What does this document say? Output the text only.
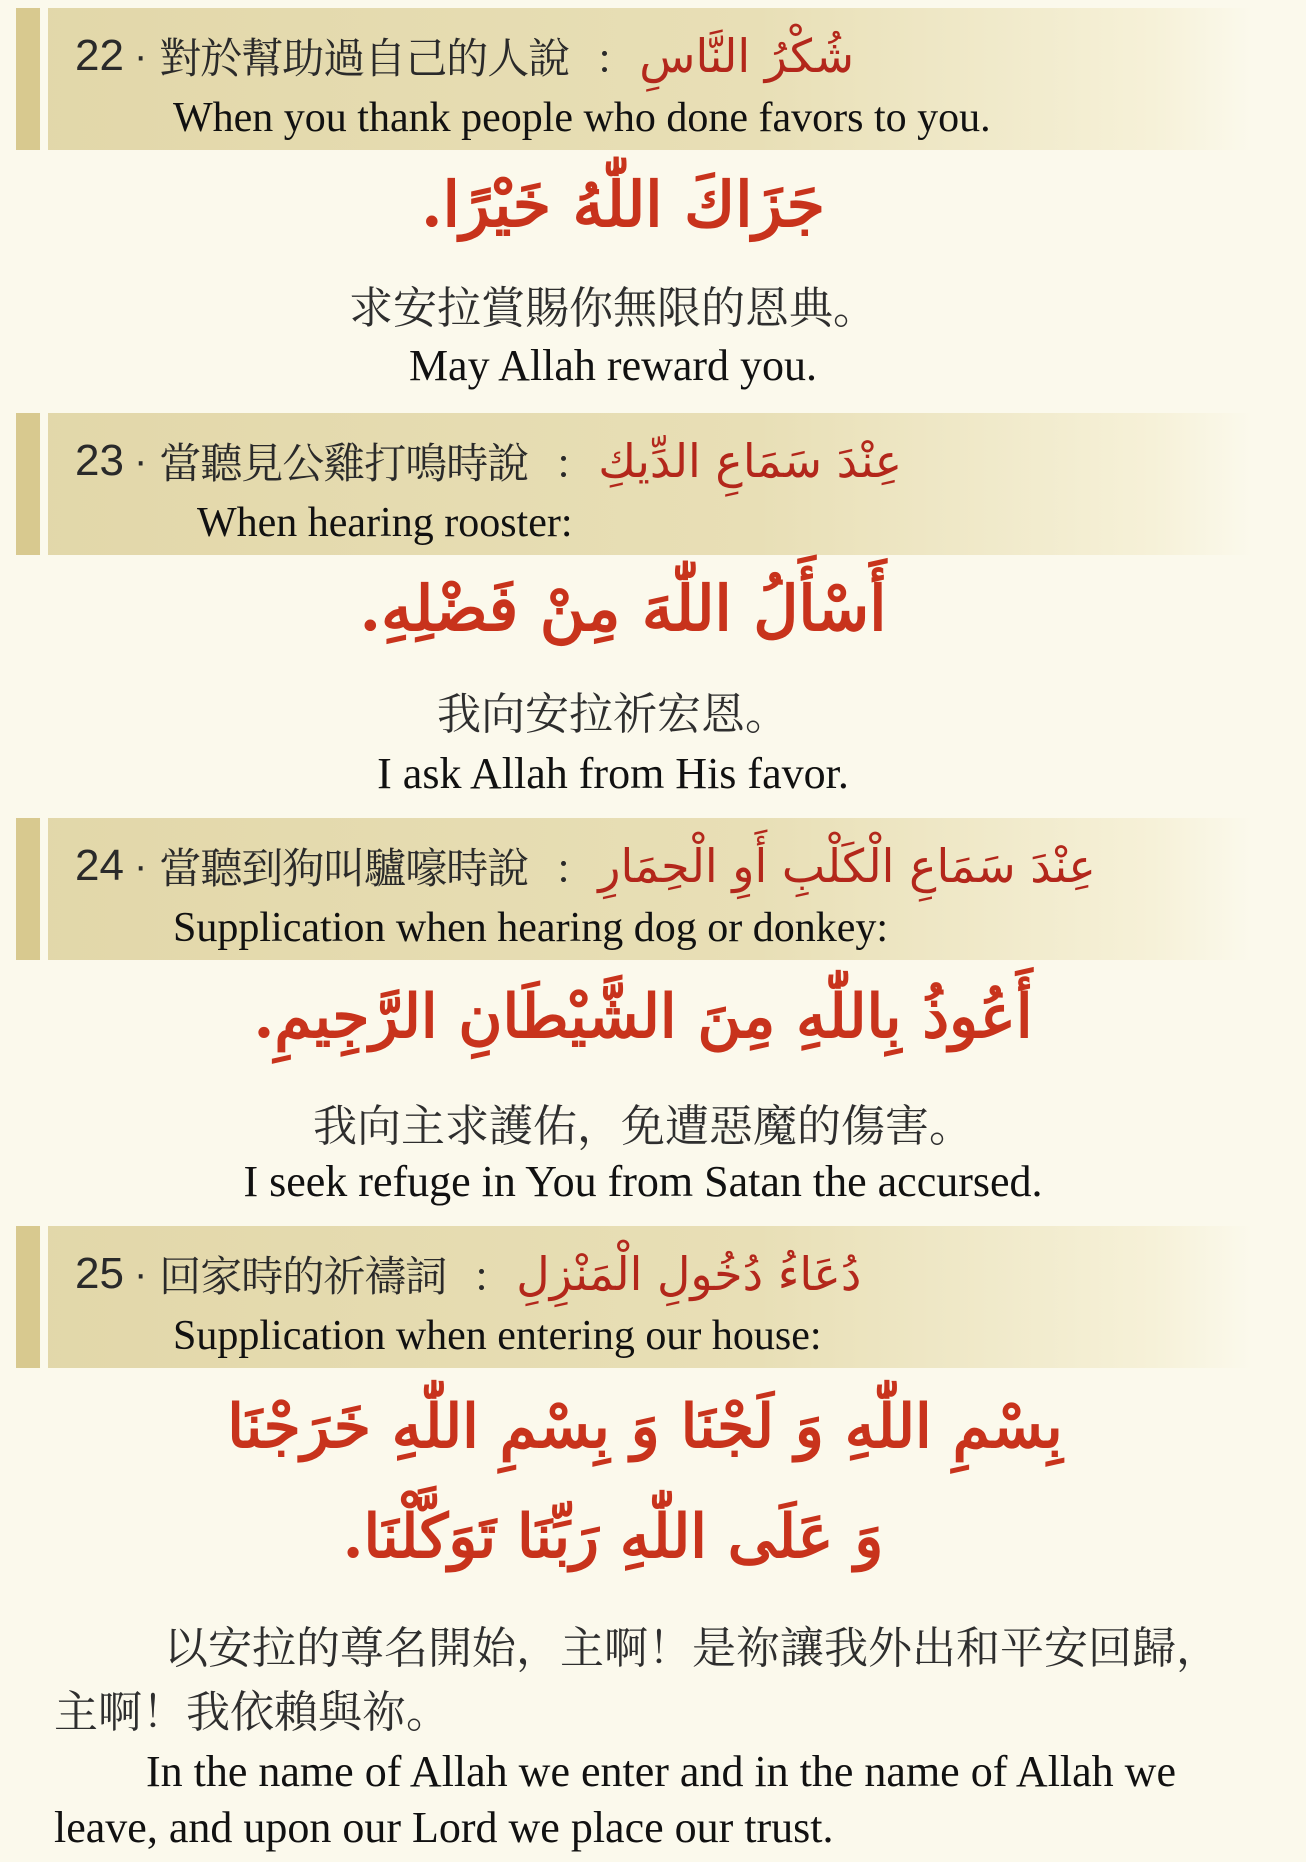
22 · 對於幫助過自己的人說 ： شُكْرُ النَّاسِ
When you thank people who done favors to you.
جَزَاكَ اللّٰهُ خَيْرًا.
求安拉賞賜你無限的恩典。
May Allah reward you.
23 · 當聽見公雞打鳴時說 ： عِنْدَ سَمَاعِ الدِّيكِ
When hearing rooster:
أَسْأَلُ اللّٰهَ مِنْ فَضْلِهِ.
我向安拉祈宏恩。
I ask Allah from His favor.
24 · 當聽到狗叫驢嚎時說 ： عِنْدَ سَمَاعِ الْكَلْبِ أَوِ الْحِمَارِ
Supplication when hearing dog or donkey:
أَعُوذُ بِاللّٰهِ مِنَ الشَّيْطَانِ الرَّجِيمِ.
我向主求護佑，免遭惡魔的傷害。
I seek refuge in You from Satan the accursed.
25 · 回家時的祈禱詞 ： دُعَاءُ دُخُولِ الْمَنْزِلِ
Supplication when entering our house:
بِسْمِ اللّٰهِ وَ لَجْنَا وَ بِسْمِ اللّٰهِ خَرَجْنَا
وَ عَلَى اللّٰهِ رَبِّنَا تَوَكَّلْنَا.
以安拉的尊名開始，主啊！是祢讓我外出和平安回歸，
主啊！我依賴與祢。
In the name of Allah we enter and in the name of Allah we
leave, and upon our Lord we place our trust.
